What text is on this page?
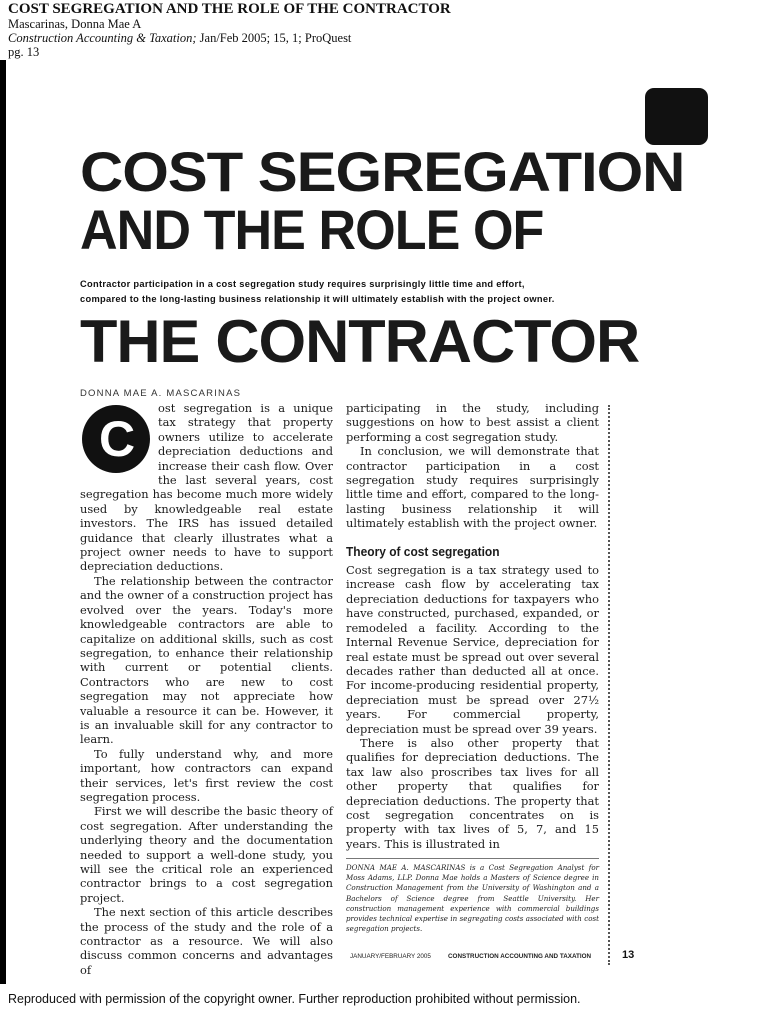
COST SEGREGATION AND THE ROLE OF THE CONTRACTOR
Mascarinas, Donna Mae A
Construction Accounting & Taxation; Jan/Feb 2005; 15, 1; ProQuest
pg. 13
COST SEGREGATION
AND THE ROLE OF
Contractor participation in a cost segregation study requires surprisingly little time and effort,
compared to the long-lasting business relationship it will ultimately establish with the project owner.
THE CONTRACTOR
DONNA MAE A. MASCARINAS
C

ost segregation is a unique tax strategy that property owners utilize to accelerate depreciation deductions and increase their cash flow. Over the last several years, cost segregation has become much more widely used by knowledgeable real estate investors. The IRS has issued detailed guidance that clearly illustrates what a project owner needs to have to support depreciation deductions.

The relationship between the contractor and the owner of a construction project has evolved over the years. Today's more knowledgeable contractors are able to capitalize on additional skills, such as cost segregation, to enhance their relationship with current or potential clients. Contractors who are new to cost segregation may not appreciate how valuable a resource it can be. However, it is an invaluable skill for any contractor to learn.

To fully understand why, and more important, how contractors can expand their services, let's first review the cost segregation process.

First we will describe the basic theory of cost segregation. After understanding the underlying theory and the documentation needed to support a well-done study, you will see the critical role an experienced contractor brings to a cost segregation project.

The next section of this article describes the process of the study and the role of a contractor as a resource. We will also discuss common concerns and advantages of

participating in the study, including suggestions on how to best assist a client performing a cost segregation study.

In conclusion, we will demonstrate that contractor participation in a cost segregation study requires surprisingly little time and effort, compared to the long-lasting business relationship it will ultimately establish with the project owner.

Theory of cost segregation

Cost segregation is a tax strategy used to increase cash flow by accelerating tax depreciation deductions for taxpayers who have constructed, purchased, expanded, or remodeled a facility. According to the Internal Revenue Service, depreciation for real estate must be spread out over several decades rather than deducted all at once. For income-producing residential property, depreciation must be spread over 27½ years. For commercial property, depreciation must be spread over 39 years.

There is also other property that qualifies for depreciation deductions. The tax law also proscribes tax lives for all other property that qualifies for depreciation deductions. The property that cost segregation concentrates on is property with tax lives of 5, 7, and 15 years. This is illustrated in

DONNA MAE A. MASCARINAS is a Cost Segregation Analyst for Moss Adams, LLP. Donna Mae holds a Masters of Science degree in Construction Management from the University of Washington and a Bachelors of Science degree from Seattle University. Her construction management experience with commercial buildings provides technical expertise in segregating costs associated with cost segregation projects.
JANUARY/FEBRUARY 2005	CONSTRUCTION ACCOUNTING AND TAXATION	13
Reproduced with permission of the copyright owner. Further reproduction prohibited without permission.
